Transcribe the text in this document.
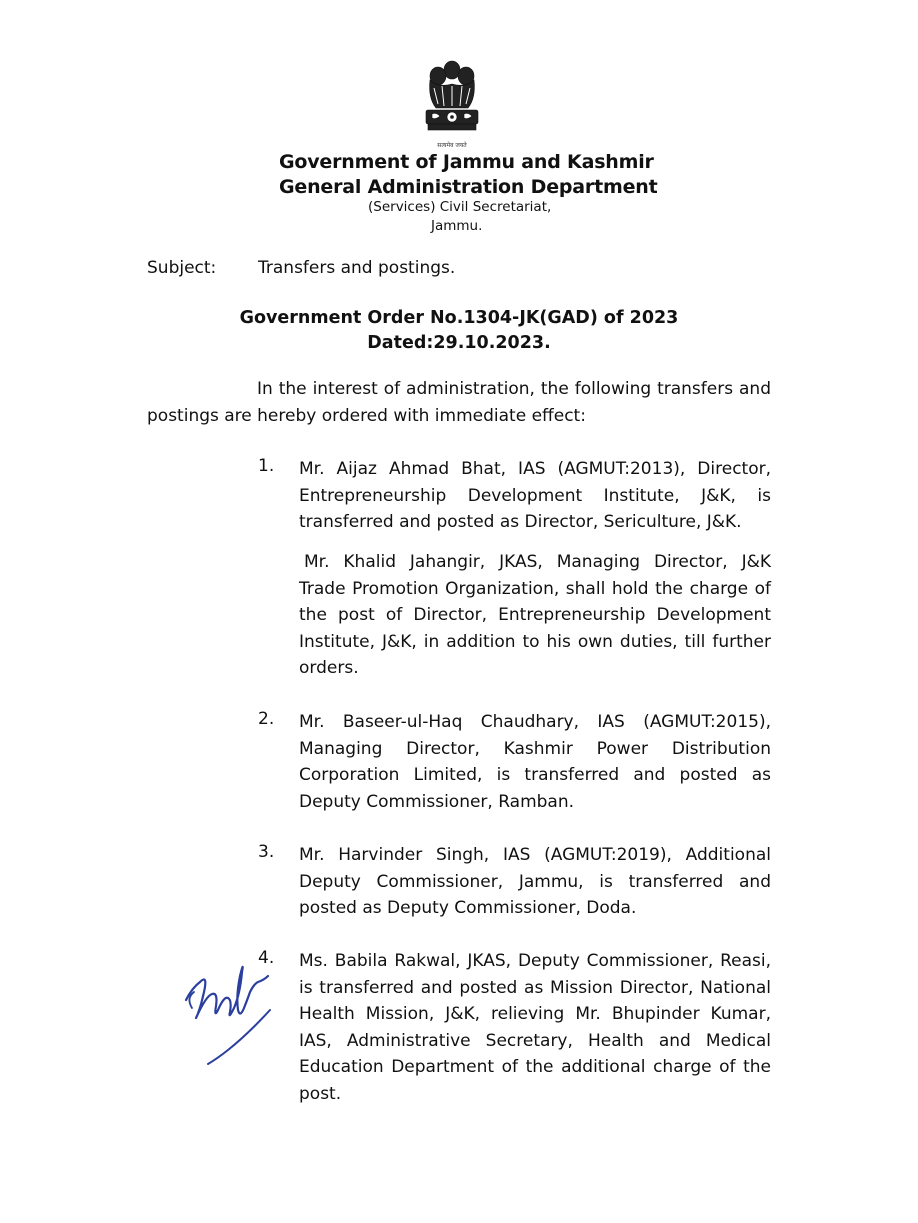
सत्यमेव जयते
Government of Jammu and Kashmir
General Administration Department
(Services) Civil Secretariat,
Jammu.
Subject: Transfers and postings.
Government Order No.1304-JK(GAD) of 2023
Dated:29.10.2023.
In the interest of administration, the following transfers and postings are hereby ordered with immediate effect:
1. Mr. Aijaz Ahmad Bhat, IAS (AGMUT:2013), Director, Entrepreneurship Development Institute, J&K, is transferred and posted as Director, Sericulture, J&K.
Mr. Khalid Jahangir, JKAS, Managing Director, J&K Trade Promotion Organization, shall hold the charge of the post of Director, Entrepreneurship Development Institute, J&K, in addition to his own duties, till further orders.
2. Mr. Baseer-ul-Haq Chaudhary, IAS (AGMUT:2015), Managing Director, Kashmir Power Distribution Corporation Limited, is transferred and posted as Deputy Commissioner, Ramban.
3. Mr. Harvinder Singh, IAS (AGMUT:2019), Additional Deputy Commissioner, Jammu, is transferred and posted as Deputy Commissioner, Doda.
4. Ms. Babila Rakwal, JKAS, Deputy Commissioner, Reasi, is transferred and posted as Mission Director, National Health Mission, J&K, relieving Mr. Bhupinder Kumar, IAS, Administrative Secretary, Health and Medical Education Department of the additional charge of the post.
